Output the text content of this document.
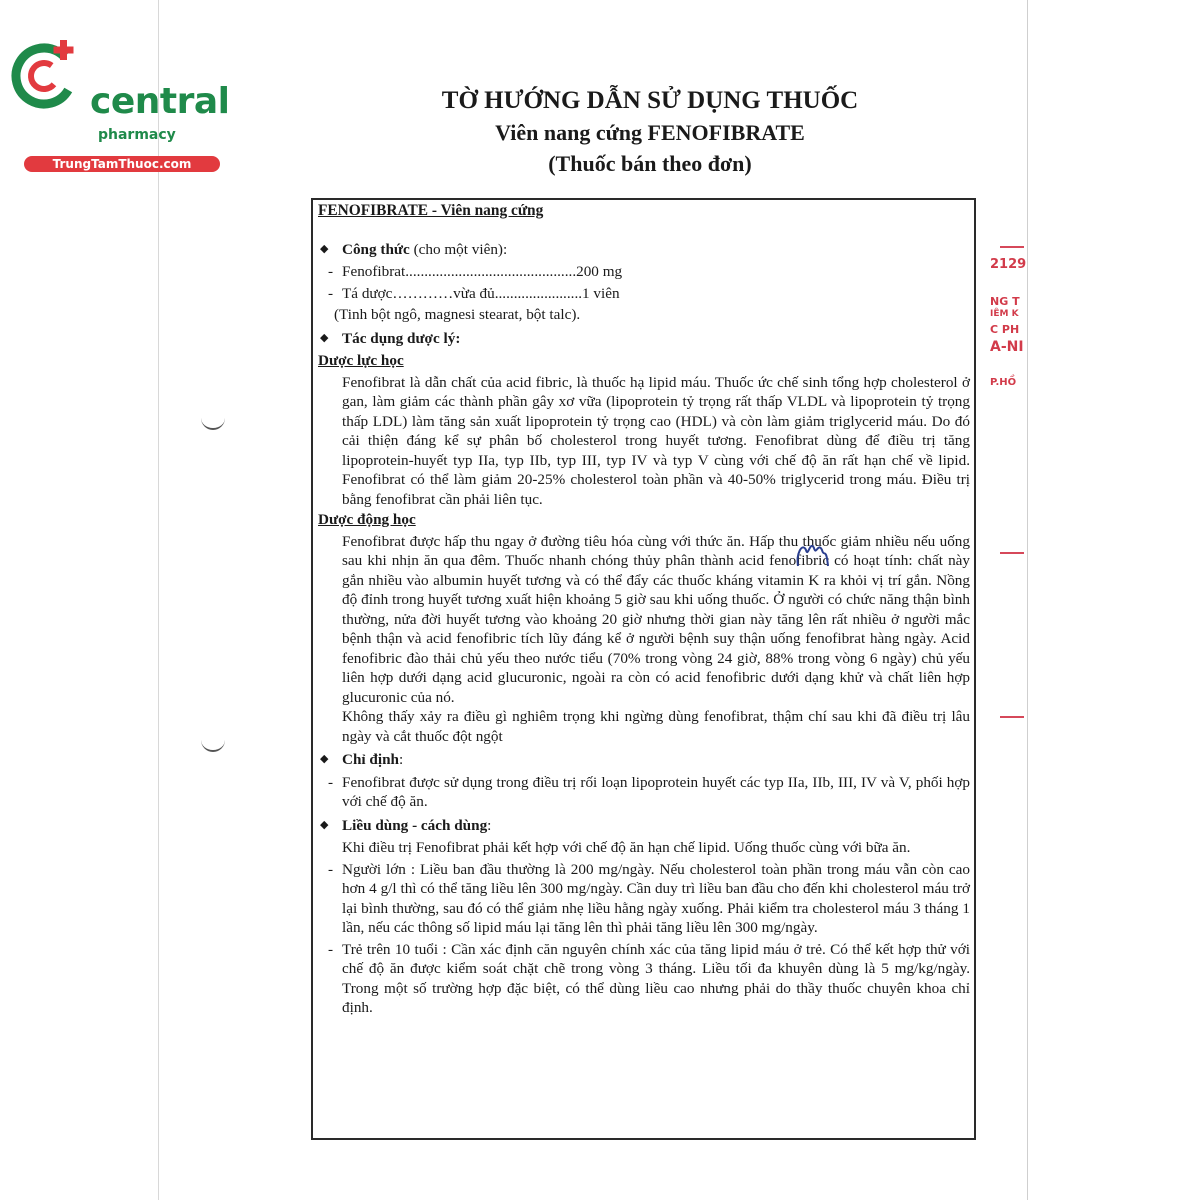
central
pharmacy
TrungTamThuoc.com
TỜ HƯỚNG DẪN SỬ DỤNG THUỐC
Viên nang cứng FENOFIBRATE
(Thuốc bán theo đơn)
FENOFIBRATE - Viên nang cứng
◆ Công thức (cho một viên):
- Fenofibrat.............................................200 mg
- Tá dược…………vừa đủ.......................1 viên
(Tinh bột ngô, magnesi stearat, bột talc).
◆ Tác dụng dược lý:
Dược lực học
Fenofibrat là dẫn chất của acid fibric, là thuốc hạ lipid máu. Thuốc ức chế sinh tổng hợp cholesterol ở gan, làm giảm các thành phần gây xơ vữa (lipoprotein tỷ trọng rất thấp VLDL và lipoprotein tỷ trọng thấp LDL) làm tăng sản xuất lipoprotein tỷ trọng cao (HDL) và còn làm giảm triglycerid máu. Do đó cải thiện đáng kể sự phân bố cholesterol trong huyết tương. Fenofibrat dùng để điều trị tăng lipoprotein-huyết typ IIa, typ IIb, typ III, typ IV và typ V cùng với chế độ ăn rất hạn chế về lipid. Fenofibrat có thể làm giảm 20-25% cholesterol toàn phần và 40-50% triglycerid trong máu. Điều trị bằng fenofibrat cần phải liên tục.
Dược động học
Fenofibrat được hấp thu ngay ở đường tiêu hóa cùng với thức ăn. Hấp thu thuốc giảm nhiều nếu uống sau khi nhịn ăn qua đêm. Thuốc nhanh chóng thủy phân thành acid fenofibric có hoạt tính: chất này gắn nhiều vào albumin huyết tương và có thể đẩy các thuốc kháng vitamin K ra khỏi vị trí gắn. Nồng độ đỉnh trong huyết tương xuất hiện khoảng 5 giờ sau khi uống thuốc. Ở người có chức năng thận bình thường, nửa đời huyết tương vào khoảng 20 giờ nhưng thời gian này tăng lên rất nhiều ở người mắc bệnh thận và acid fenofibric tích lũy đáng kể ở người bệnh suy thận uống fenofibrat hàng ngày. Acid fenofibric đào thải chủ yếu theo nước tiểu (70% trong vòng 24 giờ, 88% trong vòng 6 ngày) chủ yếu liên hợp dưới dạng acid glucuronic, ngoài ra còn có acid fenofibric dưới dạng khử và chất liên hợp glucuronic của nó.
Không thấy xảy ra điều gì nghiêm trọng khi ngừng dùng fenofibrat, thậm chí sau khi đã điều trị lâu ngày và cắt thuốc đột ngột
◆ Chỉ định:
- Fenofibrat được sử dụng trong điều trị rối loạn lipoprotein huyết các typ IIa, IIb, III, IV và V, phối hợp với chế độ ăn.
◆ Liều dùng - cách dùng:
Khi điều trị Fenofibrat phải kết hợp với chế độ ăn hạn chế lipid. Uống thuốc cùng với bữa ăn.
- Người lớn : Liều ban đầu thường là 200 mg/ngày. Nếu cholesterol toàn phần trong máu vẫn còn cao hơn 4 g/l thì có thể tăng liều lên 300 mg/ngày. Cần duy trì liều ban đầu cho đến khi cholesterol máu trở lại bình thường, sau đó có thể giảm nhẹ liều hằng ngày xuống. Phải kiểm tra cholesterol máu 3 tháng 1 lần, nếu các thông số lipid máu lại tăng lên thì phải tăng liều lên 300 mg/ngày.
- Trẻ trên 10 tuổi : Cần xác định căn nguyên chính xác của tăng lipid máu ở trẻ. Có thể kết hợp thử với chế độ ăn được kiểm soát chặt chẽ trong vòng 3 tháng. Liều tối đa khuyên dùng là 5 mg/kg/ngày. Trong một số trường hợp đặc biệt, có thể dùng liều cao nhưng phải do thầy thuốc chuyên khoa chỉ định.
2129
NG T
IÊM K
C PH
A-NI
P.HỒ
